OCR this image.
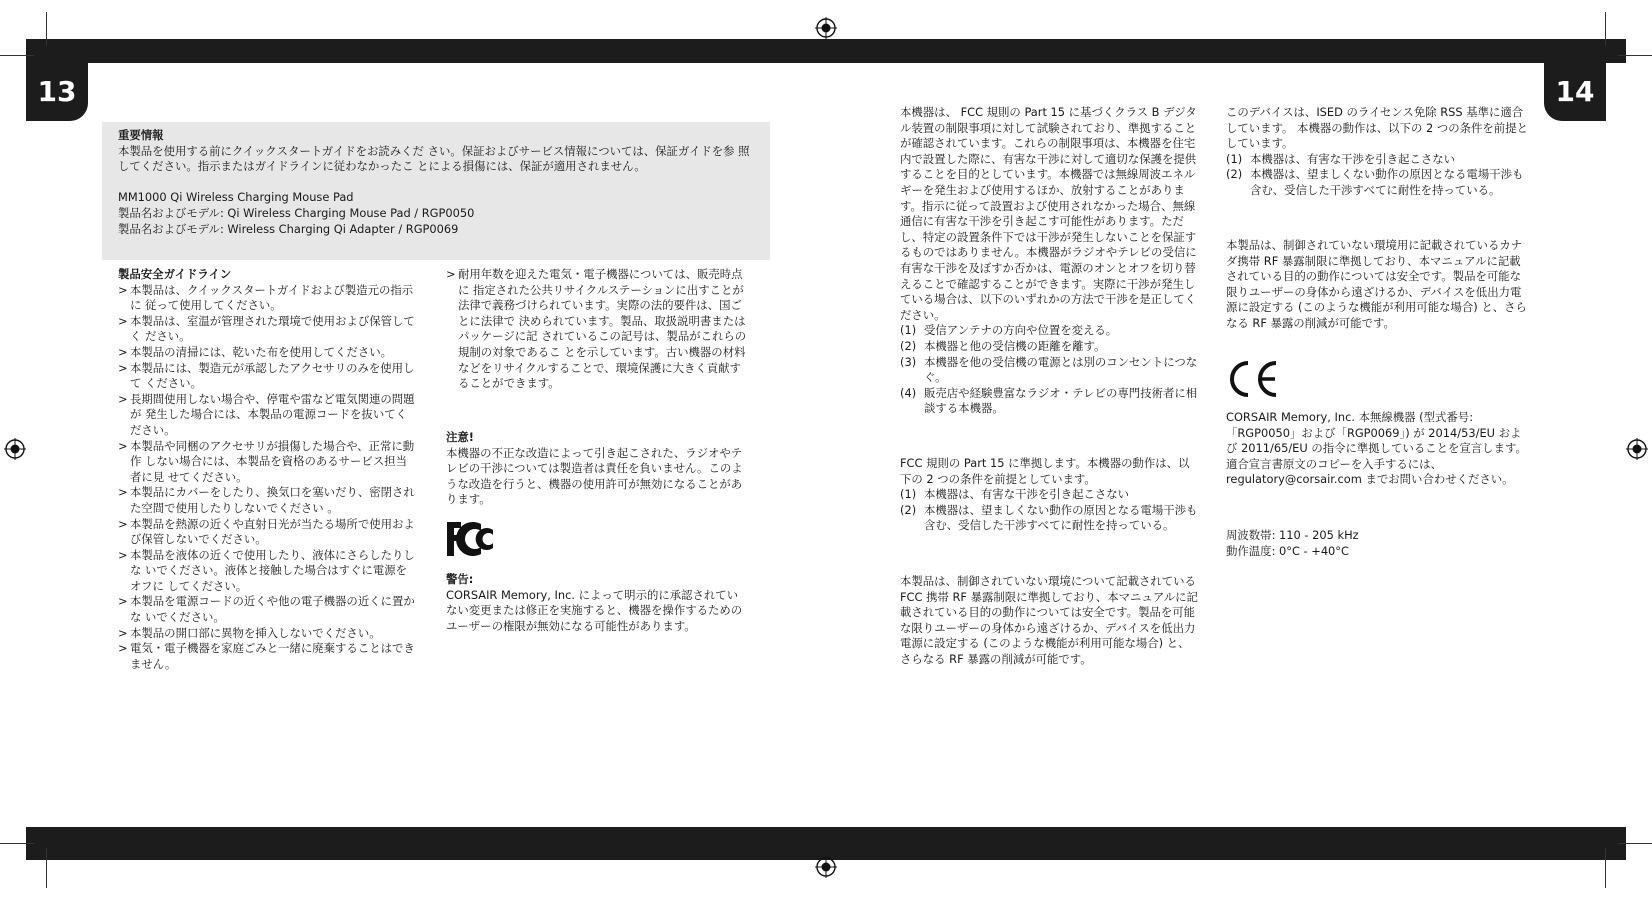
13	14
重要情報
本製品を使用する前にクイックスタートガイドをお読みくだ さい。保証およびサービス情報については、保証ガイドを参 照してください。指示またはガイドラインに従わなかったこ とによる損傷には、保証が適用されません。
MM1000 Qi Wireless Charging Mouse Pad
製品名およびモデル: Qi Wireless Charging Mouse Pad / RGP0050
製品名およびモデル: Wireless Charging Qi Adapter / RGP0069
製品安全ガイドライン
> 本製品は、クイックスタートガイドおよび製造元の指示に 従って使用してください。
> 本製品は、室温が管理された環境で使用および保管してく ださい。
> 本製品の清掃には、乾いた布を使用してください。
> 本製品には、製造元が承認したアクセサリのみを使用して ください。
> 長期間使用しない場合や、停電や雷など電気関連の問題が 発生した場合には、本製品の電源コードを抜いてください。
> 本製品や同梱のアクセサリが損傷した場合や、正常に動作 しない場合には、本製品を資格のあるサービス担当者に見 せてください。
> 本製品にカバーをしたり、換気口を塞いだり、密閉された空間で使用したりしないでください 。
> 本製品を熱源の近くや直射日光が当たる場所で使用および保管しないでください。
> 本製品を液体の近くで使用したり、液体にさらしたりしな いでください。液体と接触した場合はすぐに電源をオフに してください。
> 本製品を電源コードの近くや他の電子機器の近くに置かな いでください。
> 本製品の開口部に異物を挿入しないでください。
> 電気・電子機器を家庭ごみと一緒に廃棄することはできません。
> 耐用年数を迎えた電気・電子機器については、販売時点に 指定された公共リサイクルステーションに出すことが法律で義務づけられています。実際の法的要件は、国ごとに法律で 決められています。製品、取扱説明書またはパッケージに記 されているこの記号は、製品がこれらの規制の対象であるこ とを示しています。古い機器の材料などをリサイクルすることで、環境保護に大きく貢献することができます。
注意!
本機器の不正な改造によって引き起こされた、ラジオやテレビの干渉については製造者は責任を負いません。このような改造を行うと、機器の使用許可が無効になることがあります。
警告:
CORSAIR Memory, Inc. によって明示的に承認されていない変更または修正を実施すると、機器を操作するためのユーザーの権限が無効になる可能性があります。
本機器は、 FCC 規則の Part 15 に基づくクラス B デジタル装置の制限事項に対して試験されており、準拠することが確認されています。これらの制限事項は、本機器を住宅内で設置した際に、有害な干渉に対して適切な保護を提供することを目的としています。本機器では無線周波エネルギーを発生および使用するほか、放射することがあります。指示に従って設置および使用されなかった場合、無線通信に有害な干渉を引き起こす可能性があります。ただし、特定の設置条件下では干渉が発生しないことを保証するものではありません。本機器がラジオやテレビの受信に有害な干渉を及ぼすか否かは、電源のオンとオフを切り替えることで確認することができます。実際に干渉が発生している場合は、以下のいずれかの方法で干渉を是正してください。
(1) 受信アンテナの方向や位置を変える。
(2) 本機器と他の受信機の距離を離す。
(3) 本機器を他の受信機の電源とは別のコンセントにつなぐ。
(4) 販売店や経験豊富なラジオ・テレビの専門技術者に相談する本機器。
FCC 規則の Part 15 に準拠します。本機器の動作は、以下の 2 つの条件を前提としています。
(1) 本機器は、有害な干渉を引き起こさない
(2) 本機器は、望ましくない動作の原因となる電場干渉も含む、受信した干渉すべてに耐性を持っている。
本製品は、制御されていない環境について記載されている FCC 携帯 RF 暴露制限に準拠しており、本マニュアルに記載されている目的の動作については安全です。製品を可能な限りユーザーの身体から遠ざけるか、デバイスを低出力電源に設定する (このような機能が利用可能な場合) と、さらなる RF 暴露の削減が可能です。
このデバイスは、ISED のライセンス免除 RSS 基準に適合しています。 本機器の動作は、以下の 2 つの条件を前提としています。
(1) 本機器は、有害な干渉を引き起こさない
(2) 本機器は、望ましくない動作の原因となる電場干渉も含む、受信した干渉すべてに耐性を持っている。
本製品は、制御されていない環境用に記載されているカナダ携帯 RF 暴露制限に準拠しており、本マニュアルに記載されている目的の動作については安全です。製品を可能な限りユーザーの身体から遠ざけるか、デバイスを低出力電源に設定する (このような機能が利用可能な場合) と、さらなる RF 暴露の削減が可能です。
CORSAIR Memory, Inc. 本無線機器 (型式番号: 「RGP0050」および「RGP0069」) が 2014/53/EU および 2011/65/EU の指令に準拠していることを宣言します。適合宣言書原文のコピーを入手するには、regulatory@corsair.com までお問い合わせください。
周波数帯: 110 - 205 kHz
動作温度: 0°C - +40°C
